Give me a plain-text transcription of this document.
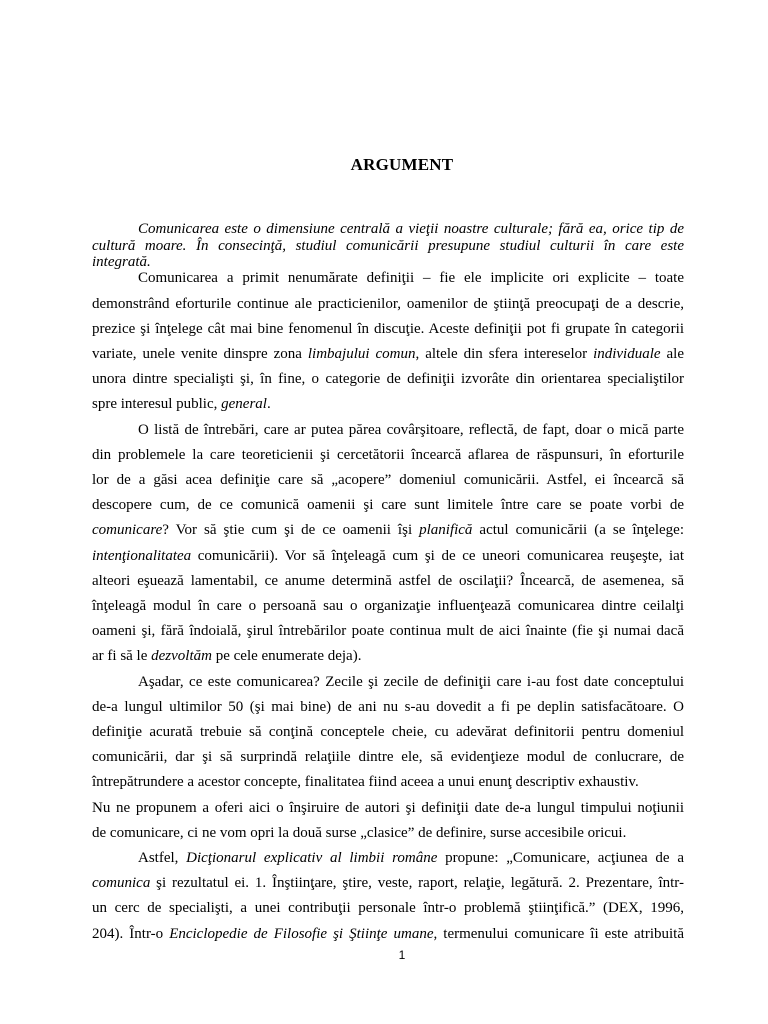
ARGUMENT
Comunicarea este o dimensiune centrală a vieţii noastre culturale; fără ea, orice tip de
cultură moare. În consecinţă, studiul comunicării presupune studiul culturii în care este
integrată.
Comunicarea a primit nenumărate definiţii – fie ele implicite ori explicite – toate
demonstrând eforturile continue ale practicienilor, oamenilor de ştiinţă preocupaţi de a descrie,
prezice şi înţelege cât mai bine fenomenul în discuţie. Aceste definiţii pot fi grupate în categorii
variate, unele venite dinspre zona limbajului comun, altele din sfera intereselor individuale ale
unora dintre specialişti şi, în fine, o categorie de definiţii izvorâte din orientarea specialiştilor
spre interesul public, general.
O listă de întrebări, care ar putea părea covârşitoare, reflectă, de fapt, doar o mică parte
din problemele la care teoreticienii şi cercetătorii încearcă aflarea de răspunsuri, în eforturile
lor de a găsi acea definiţie care să „acopere” domeniul comunicării. Astfel, ei încearcă să
descopere cum, de ce comunică oamenii şi care sunt limitele între care se poate vorbi de
comunicare? Vor să ştie cum şi de ce oamenii îşi planifică actul comunicării (a se înţelege:
intenţionalitatea comunicării). Vor să înţeleagă cum şi de ce uneori comunicarea reuşeşte, iat
alteori eşuează lamentabil, ce anume determină astfel de oscilaţii? Încearcă, de asemenea, să
înţeleagă modul în care o persoană sau o organizaţie influenţează comunicarea dintre ceilalţi
oameni şi, fără îndoială, şirul întrebărilor poate continua mult de aici înainte (fie şi numai dacă
ar fi să le dezvoltăm pe cele enumerate deja).
Aşadar, ce este comunicarea? Zecile şi zecile de definiţii care i-au fost date conceptului
de-a lungul ultimilor 50 (şi mai bine) de ani nu s-au dovedit a fi pe deplin satisfacătoare. O
definiţie acurată trebuie să conţină conceptele cheie, cu adevărat definitorii pentru domeniul
comunicării, dar şi să surprindă relaţiile dintre ele, să evidenţieze modul de conlucrare, de
întrepătrundere a acestor concepte, finalitatea fiind aceea a unui enunţ descriptiv exhaustiv.
Nu ne propunem a oferi aici o înşiruire de autori şi definiţii date de-a lungul timpului noţiunii
de comunicare, ci ne vom opri la două surse „clasice” de definire, surse accesibile oricui.
Astfel, Dicţionarul explicativ al limbii române propune: „Comunicare, acţiunea de a
comunica şi rezultatul ei. 1. Înştiinţare, ştire, veste, raport, relaţie, legătură. 2. Prezentare, într-
un cerc de specialişti, a unei contribuţii personale într-o problemă ştiinţifică.” (DEX, 1996,
204). Într-o Enciclopedie de Filosofie şi Ştiinţe umane, termenului comunicare îi este atribuită
1
